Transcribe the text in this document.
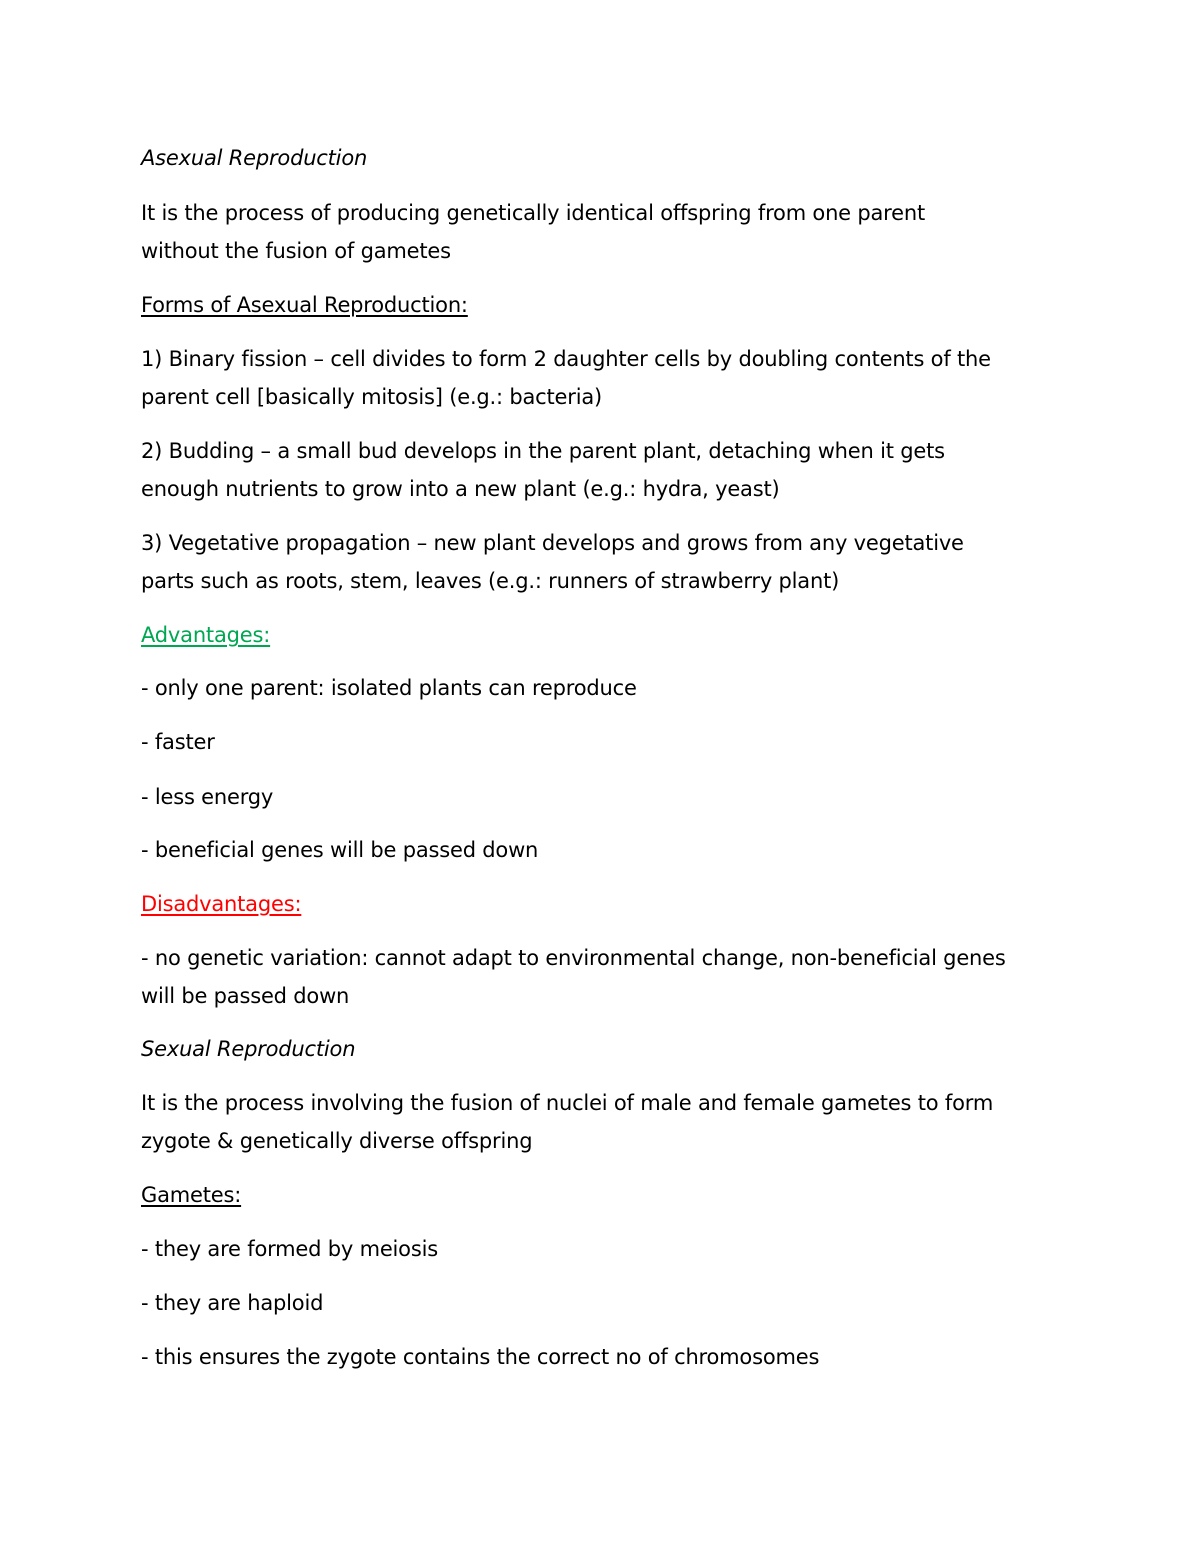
Asexual Reproduction
It is the process of producing genetically identical offspring from one parent
without the fusion of gametes
Forms of Asexual Reproduction:
1) Binary fission – cell divides to form 2 daughter cells by doubling contents of the
parent cell [basically mitosis] (e.g.: bacteria)
2) Budding – a small bud develops in the parent plant, detaching when it gets
enough nutrients to grow into a new plant (e.g.: hydra, yeast)
3) Vegetative propagation – new plant develops and grows from any vegetative
parts such as roots, stem, leaves (e.g.: runners of strawberry plant)
Advantages:
- only one parent: isolated plants can reproduce
- faster
- less energy
- beneficial genes will be passed down
Disadvantages:
- no genetic variation: cannot adapt to environmental change, non-beneficial genes
will be passed down
Sexual Reproduction
It is the process involving the fusion of nuclei of male and female gametes to form
zygote & genetically diverse offspring
Gametes:
- they are formed by meiosis
- they are haploid
- this ensures the zygote contains the correct no of chromosomes
